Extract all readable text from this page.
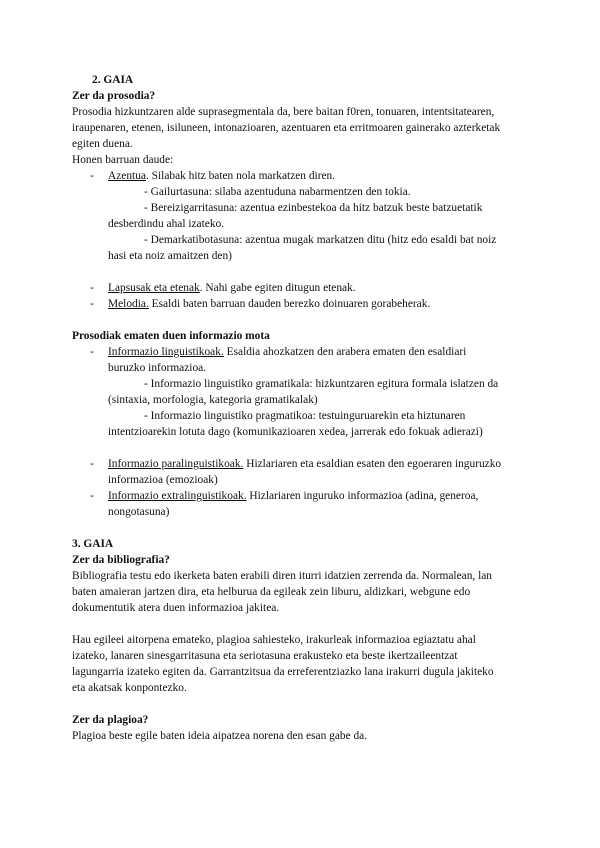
2. GAIA
Zer da prosodia?
Prosodia hizkuntzaren alde suprasegmentala da, bere baitan f0ren, tonuaren, intentsitatearen,
iraupenaren, etenen, isiluneen, intonazioaren, azentuaren eta erritmoaren gainerako azterketak
egiten duena.
Honen barruan daude:
- Azentua. Silabak hitz baten nola markatzen diren.
- Gailurtasuna: silaba azentuduna nabarmentzen den tokia.
- Bereizigarritasuna: azentua ezinbestekoa da hitz batzuk beste batzuetatik
desberdindu ahal izateko.
- Demarkatibotasuna: azentua mugak markatzen ditu (hitz edo esaldi bat noiz
hasi eta noiz amaitzen den)
- Lapsusak eta etenak. Nahi gabe egiten ditugun etenak.
- Melodia. Esaldi baten barruan dauden berezko doinuaren gorabeherak.
Prosodiak ematen duen informazio mota
- Informazio linguistikoak. Esaldia ahozkatzen den arabera ematen den esaldiari
buruzko informazioa.
- Informazio linguistiko gramatikala: hizkuntzaren egitura formala islatzen da
(sintaxia, morfologia, kategoria gramatikalak)
- Informazio linguistiko pragmatikoa: testuinguruarekin eta hiztunaren
intentzioarekin lotuta dago (komunikazioaren xedea, jarrerak edo fokuak adierazi)
- Informazio paralinguistikoak. Hizlariaren eta esaldian esaten den egoeraren inguruzko
informazioa (emozioak)
- Informazio extralinguistikoak. Hizlariaren inguruko informazioa (adina, generoa,
nongotasuna)
3. GAIA
Zer da bibliografia?
Bibliografia testu edo ikerketa baten erabili diren iturri idatzien zerrenda da. Normalean, lan
baten amaieran jartzen dira, eta helburua da egileak zein liburu, aldizkari, webgune edo
dokumentutik atera duen informazioa jakitea.
Hau egileei aitorpena emateko, plagioa sahiesteko, irakurleak informazioa egiaztatu ahal
izateko, lanaren sinesgarritasuna eta seriotasuna erakusteko eta beste ikertzaileentzat
lagungarria izateko egiten da. Garrantzitsua da erreferentziazko lana irakurri dugula jakiteko
eta akatsak konpontezko.
Zer da plagioa?
Plagioa beste egile baten ideia aipatzea norena den esan gabe da.
